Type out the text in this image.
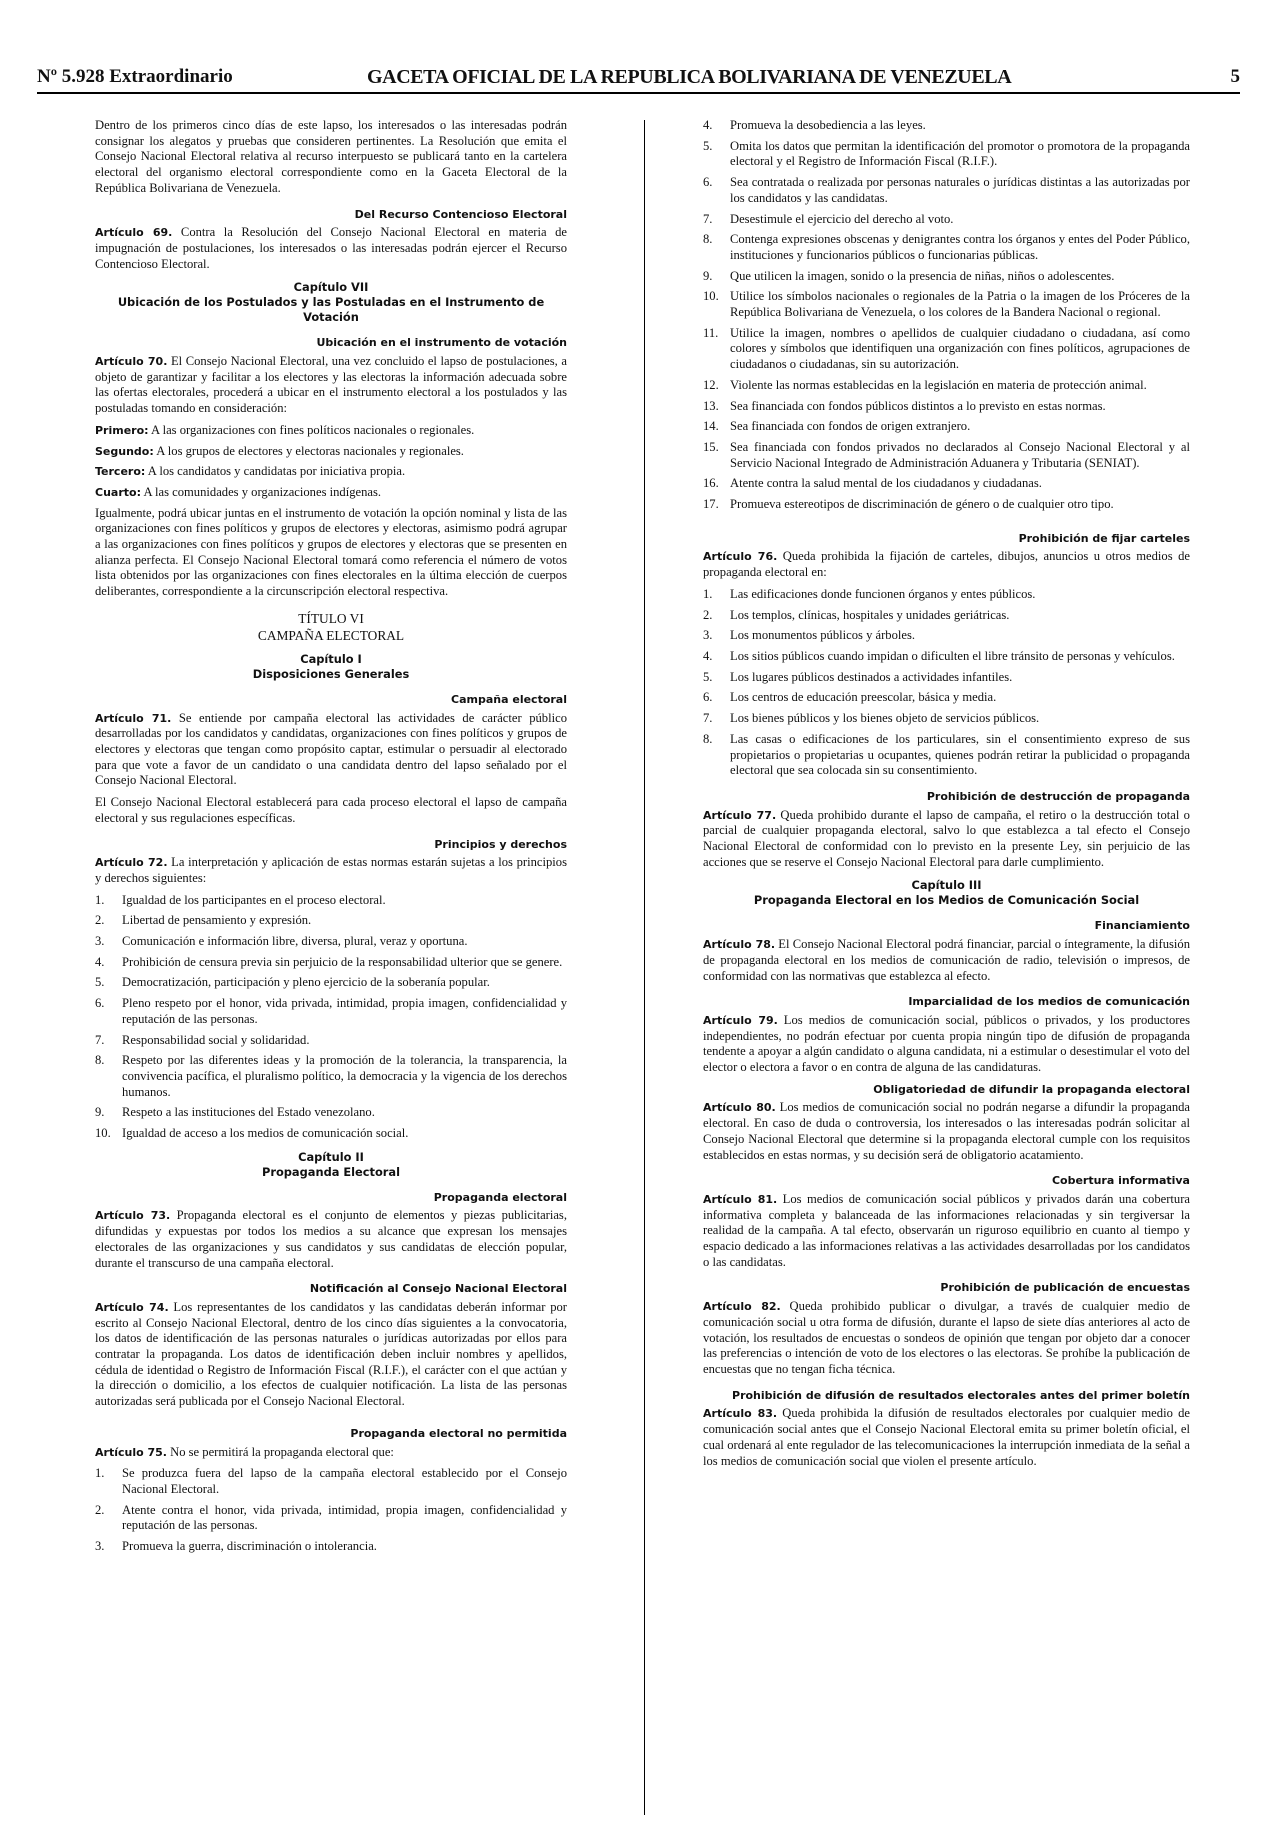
Nº 5.928 Extraordinario	GACETA OFICIAL DE LA REPUBLICA BOLIVARIANA DE VENEZUELA	5

Dentro de los primeros cinco días de este lapso, los interesados o las interesadas podrán consignar los alegatos y pruebas que consideren pertinentes. La Resolución que emita el Consejo Nacional Electoral relativa al recurso interpuesto se publicará tanto en la cartelera electoral del organismo electoral correspondiente como en la Gaceta Electoral de la República Bolivariana de Venezuela.

Del Recurso Contencioso Electoral

Artículo 69. Contra la Resolución del Consejo Nacional Electoral en materia de impugnación de postulaciones, los interesados o las interesadas podrán ejercer el Recurso Contencioso Electoral.

Capítulo VII
Ubicación de los Postulados y las Postuladas en el Instrumento de Votación
Ubicación en el instrumento de votación

Artículo 70. El Consejo Nacional Electoral, una vez concluido el lapso de postulaciones, a objeto de garantizar y facilitar a los electores y las electoras la información adecuada sobre las ofertas electorales, procederá a ubicar en el instrumento electoral a los postulados y las postuladas tomando en consideración:

Primero: A las organizaciones con fines políticos nacionales o regionales.
Segundo: A los grupos de electores y electoras nacionales y regionales.
Tercero: A los candidatos y candidatas por iniciativa propia.
Cuarto: A las comunidades y organizaciones indígenas.

Igualmente, podrá ubicar juntas en el instrumento de votación la opción nominal y lista de las organizaciones con fines políticos y grupos de electores y electoras, asimismo podrá agrupar a las organizaciones con fines políticos y grupos de electores y electoras que se presenten en alianza perfecta. El Consejo Nacional Electoral tomará como referencia el número de votos lista obtenidos por las organizaciones con fines electorales en la última elección de cuerpos deliberantes, correspondiente a la circunscripción electoral respectiva.

TÍTULO VI
CAMPAÑA ELECTORAL
Capítulo I
Disposiciones Generales
Campaña electoral

Artículo 71. Se entiende por campaña electoral las actividades de carácter público desarrolladas por los candidatos y candidatas, organizaciones con fines políticos y grupos de electores y electoras que tengan como propósito captar, estimular o persuadir al electorado para que vote a favor de un candidato o una candidata dentro del lapso señalado por el Consejo Nacional Electoral.

El Consejo Nacional Electoral establecerá para cada proceso electoral el lapso de campaña electoral y sus regulaciones específicas.

Principios y derechos

Artículo 72. La interpretación y aplicación de estas normas estarán sujetas a los principios y derechos siguientes:

1.	Igualdad de los participantes en el proceso electoral.
2.	Libertad de pensamiento y expresión.
3.	Comunicación e información libre, diversa, plural, veraz y oportuna.
4.	Prohibición de censura previa sin perjuicio de la responsabilidad ulterior que se genere.
5.	Democratización, participación y pleno ejercicio de la soberanía popular.
6.	Pleno respeto por el honor, vida privada, intimidad, propia imagen, confidencialidad y reputación de las personas.
7.	Responsabilidad social y solidaridad.
8.	Respeto por las diferentes ideas y la promoción de la tolerancia, la transparencia, la convivencia pacífica, el pluralismo político, la democracia y la vigencia de los derechos humanos.
9.	Respeto a las instituciones del Estado venezolano.
10. Igualdad de acceso a los medios de comunicación social.
Capítulo II
Propaganda Electoral
Propaganda electoral

Artículo 73. Propaganda electoral es el conjunto de elementos y piezas publicitarias, difundidas y expuestas por todos los medios a su alcance que expresan los mensajes electorales de las organizaciones y sus candidatos y sus candidatas de elección popular, durante el transcurso de una campaña electoral.

Notificación al Consejo Nacional Electoral

Artículo 74. Los representantes de los candidatos y las candidatas deberán informar por escrito al Consejo Nacional Electoral, dentro de los cinco días siguientes a la convocatoria, los datos de identificación de las personas naturales o jurídicas autorizadas por ellos para contratar la propaganda. Los datos de identificación deben incluir nombres y apellidos, cédula de identidad o Registro de Información Fiscal (R.I.F.), el carácter con el que actúan y la dirección o domicilio, a los efectos de cualquier notificación. La lista de las personas autorizadas será publicada por el Consejo Nacional Electoral.

Propaganda electoral no permitida

Artículo 75. No se permitirá la propaganda electoral que:

1.	Se produzca fuera del lapso de la campaña electoral establecido por el Consejo Nacional Electoral.
2.	Atente contra el honor, vida privada, intimidad, propia imagen, confidencialidad y reputación de las personas.
3.	Promueva la guerra, discriminación o intolerancia.
4.	Promueva la desobediencia a las leyes.
5.	Omita los datos que permitan la identificación del promotor o promotora de la propaganda electoral y el Registro de Información Fiscal (R.I.F.).
6.	Sea contratada o realizada por personas naturales o jurídicas distintas a las autorizadas por los candidatos y las candidatas.
7.	Desestimule el ejercicio del derecho al voto.
8.	Contenga expresiones obscenas y denigrantes contra los órganos y entes del Poder Público, instituciones y funcionarios públicos o funcionarias públicas.
9.	Que utilicen la imagen, sonido o la presencia de niñas, niños o adolescentes.
10. Utilice los símbolos nacionales o regionales de la Patria o la imagen de los Próceres de la República Bolivariana de Venezuela, o los colores de la Bandera Nacional o regional.
11. Utilice la imagen, nombres o apellidos de cualquier ciudadano o ciudadana, así como colores y símbolos que identifiquen una organización con fines políticos, agrupaciones de ciudadanos o ciudadanas, sin su autorización.
12. Violente las normas establecidas en la legislación en materia de protección animal.
13. Sea financiada con fondos públicos distintos a lo previsto en estas normas.
14. Sea financiada con fondos de origen extranjero.
15. Sea financiada con fondos privados no declarados al Consejo Nacional Electoral y al Servicio Nacional Integrado de Administración Aduanera y Tributaria (SENIAT).
16. Atente contra la salud mental de los ciudadanos y ciudadanas.
17. Promueva estereotipos de discriminación de género o de cualquier otro tipo.
Prohibición de fijar carteles

Artículo 76. Queda prohibida la fijación de carteles, dibujos, anuncios u otros medios de propaganda electoral en:

1.	Las edificaciones donde funcionen órganos y entes públicos.
2.	Los templos, clínicas, hospitales y unidades geriátricas.
3.	Los monumentos públicos y árboles.
4.	Los sitios públicos cuando impidan o dificulten el libre tránsito de personas y vehículos.
5.	Los lugares públicos destinados a actividades infantiles.
6.	Los centros de educación preescolar, básica y media.
7.	Los bienes públicos y los bienes objeto de servicios públicos.
8.	Las casas o edificaciones de los particulares, sin el consentimiento expreso de sus propietarios o propietarias u ocupantes, quienes podrán retirar la publicidad o propaganda electoral que sea colocada sin su consentimiento.
Prohibición de destrucción de propaganda

Artículo 77. Queda prohibido durante el lapso de campaña, el retiro o la destrucción total o parcial de cualquier propaganda electoral, salvo lo que establezca a tal efecto el Consejo Nacional Electoral de conformidad con lo previsto en la presente Ley, sin perjuicio de las acciones que se reserve el Consejo Nacional Electoral para darle cumplimiento.

Capítulo III
Propaganda Electoral en los Medios de Comunicación Social
Financiamiento

Artículo 78. El Consejo Nacional Electoral podrá financiar, parcial o íntegramente, la difusión de propaganda electoral en los medios de comunicación de radio, televisión o impresos, de conformidad con las normativas que establezca al efecto.

Imparcialidad de los medios de comunicación

Artículo 79. Los medios de comunicación social, públicos o privados, y los productores independientes, no podrán efectuar por cuenta propia ningún tipo de difusión de propaganda tendente a apoyar a algún candidato o alguna candidata, ni a estimular o desestimular el voto del elector o electora a favor o en contra de alguna de las candidaturas.

Obligatoriedad de difundir la propaganda electoral

Artículo 80. Los medios de comunicación social no podrán negarse a difundir la propaganda electoral. En caso de duda o controversia, los interesados o las interesadas podrán solicitar al Consejo Nacional Electoral que determine si la propaganda electoral cumple con los requisitos establecidos en estas normas, y su decisión será de obligatorio acatamiento.

Cobertura informativa

Artículo 81. Los medios de comunicación social públicos y privados darán una cobertura informativa completa y balanceada de las informaciones relacionadas y sin tergiversar la realidad de la campaña. A tal efecto, observarán un riguroso equilibrio en cuanto al tiempo y espacio dedicado a las informaciones relativas a las actividades desarrolladas por los candidatos o las candidatas.

Prohibición de publicación de encuestas

Artículo 82. Queda prohibido publicar o divulgar, a través de cualquier medio de comunicación social u otra forma de difusión, durante el lapso de siete días anteriores al acto de votación, los resultados de encuestas o sondeos de opinión que tengan por objeto dar a conocer las preferencias o intención de voto de los electores o las electoras. Se prohíbe la publicación de encuestas que no tengan ficha técnica.

Prohibición de difusión de resultados electorales antes del primer boletín

Artículo 83. Queda prohibida la difusión de resultados electorales por cualquier medio de comunicación social antes que el Consejo Nacional Electoral emita su primer boletín oficial, el cual ordenará al ente regulador de las telecomunicaciones la interrupción inmediata de la señal a los medios de comunicación social que violen el presente artículo.
